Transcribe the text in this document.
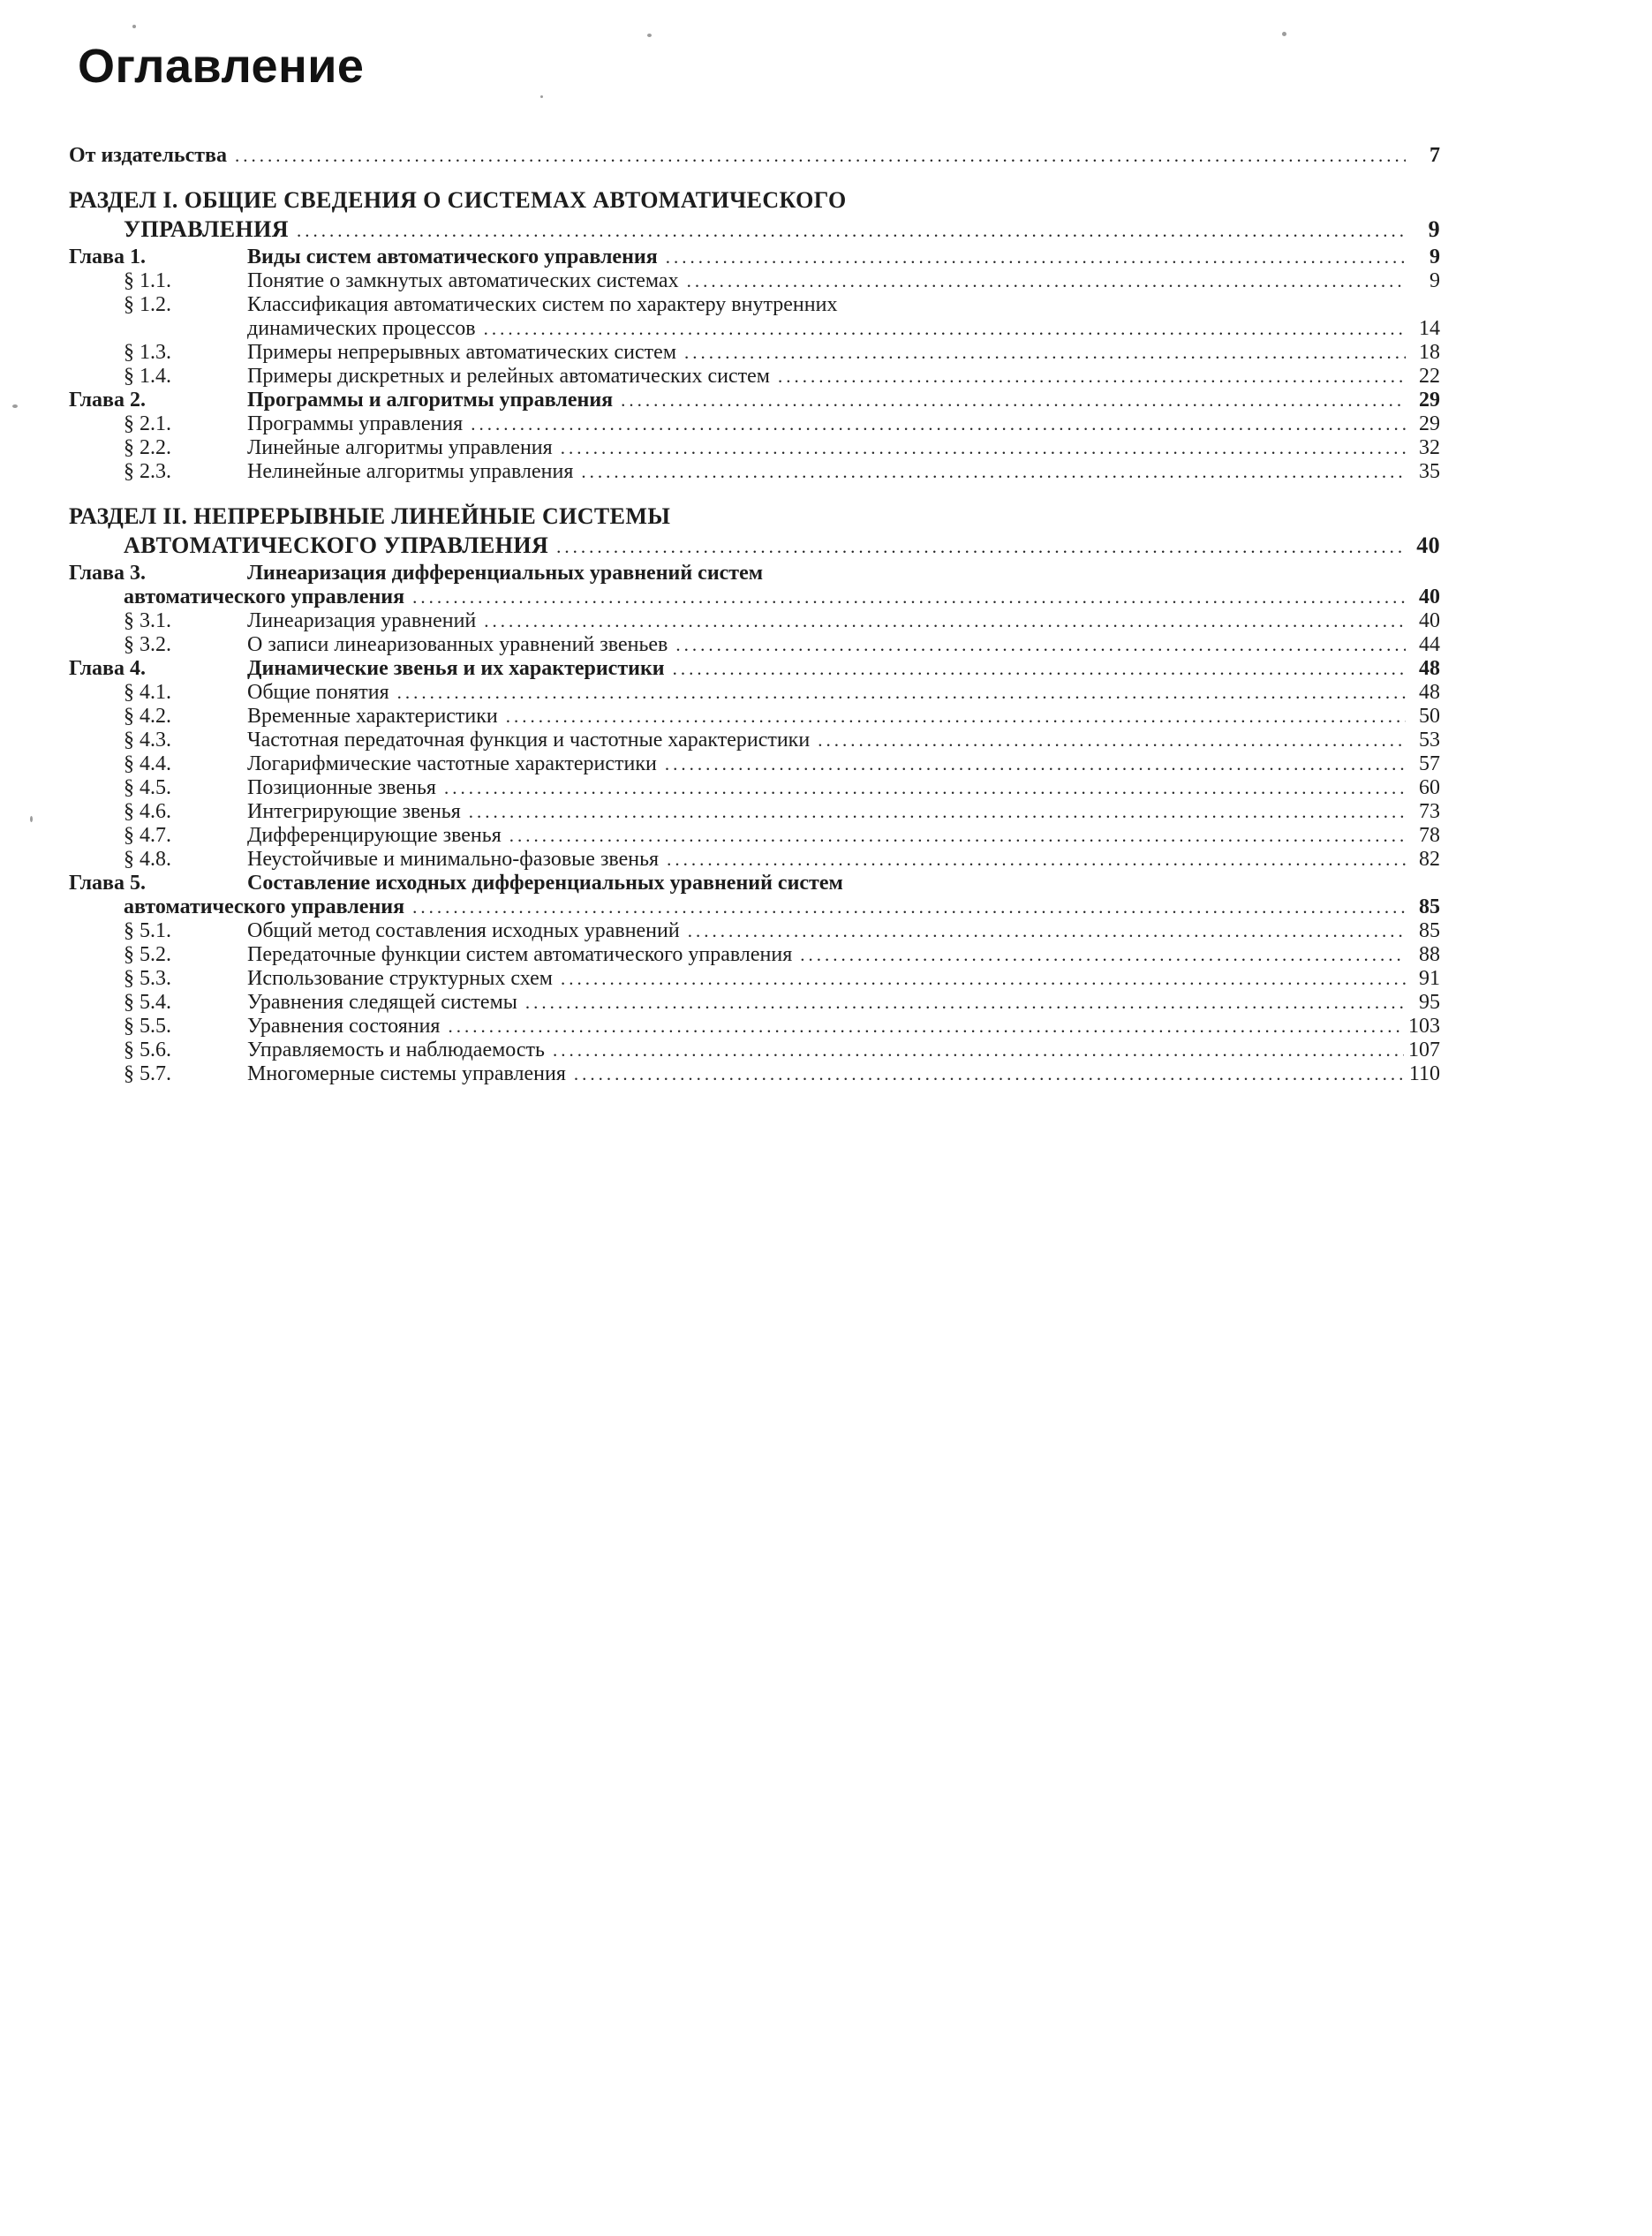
Оглавление
От издательства .....	7
РАЗДЕЛ I. ОБЩИЕ СВЕДЕНИЯ О СИСТЕМАХ АВТОМАТИЧЕСКОГО
УПРАВЛЕНИЯ .....	9
Глава 1.	Виды систем автоматического управления .....	9
§ 1.1.	Понятие о замкнутых автоматических системах .....	9
§ 1.2.	Классификация автоматических систем по характеру внутренних
динамических процессов .....	14
§ 1.3.	Примеры непрерывных автоматических систем .....	18
§ 1.4.	Примеры дискретных и релейных автоматических систем .....	22
Глава 2.	Программы и алгоритмы управления .....	29
§ 2.1.	Программы управления .....	29
§ 2.2.	Линейные алгоритмы управления .....	32
§ 2.3.	Нелинейные алгоритмы управления .....	35
РАЗДЕЛ II. НЕПРЕРЫВНЫЕ ЛИНЕЙНЫЕ СИСТЕМЫ
АВТОМАТИЧЕСКОГО УПРАВЛЕНИЯ .....	40
Глава 3.	Линеаризация дифференциальных уравнений систем
автоматического управления .....	40
§ 3.1.	Линеаризация уравнений .....	40
§ 3.2.	О записи линеаризованных уравнений звеньев .....	44
Глава 4.	Динамические звенья и их характеристики .....	48
§ 4.1.	Общие понятия .....	48
§ 4.2.	Временные характеристики .....	50
§ 4.3.	Частотная передаточная функция и частотные характеристики .....	53
§ 4.4.	Логарифмические частотные характеристики .....	57
§ 4.5.	Позиционные звенья .....	60
§ 4.6.	Интегрирующие звенья .....	73
§ 4.7.	Дифференцирующие звенья .....	78
§ 4.8.	Неустойчивые и минимально-фазовые звенья .....	82
Глава 5.	Составление исходных дифференциальных уравнений систем
автоматического управления .....	85
§ 5.1.	Общий метод составления исходных уравнений .....	85
§ 5.2.	Передаточные функции систем автоматического управления .....	88
§ 5.3.	Использование структурных схем .....	91
§ 5.4.	Уравнения следящей системы .....	95
§ 5.5.	Уравнения состояния .....	103
§ 5.6.	Управляемость и наблюдаемость .....	107
§ 5.7.	Многомерные системы управления .....	110
